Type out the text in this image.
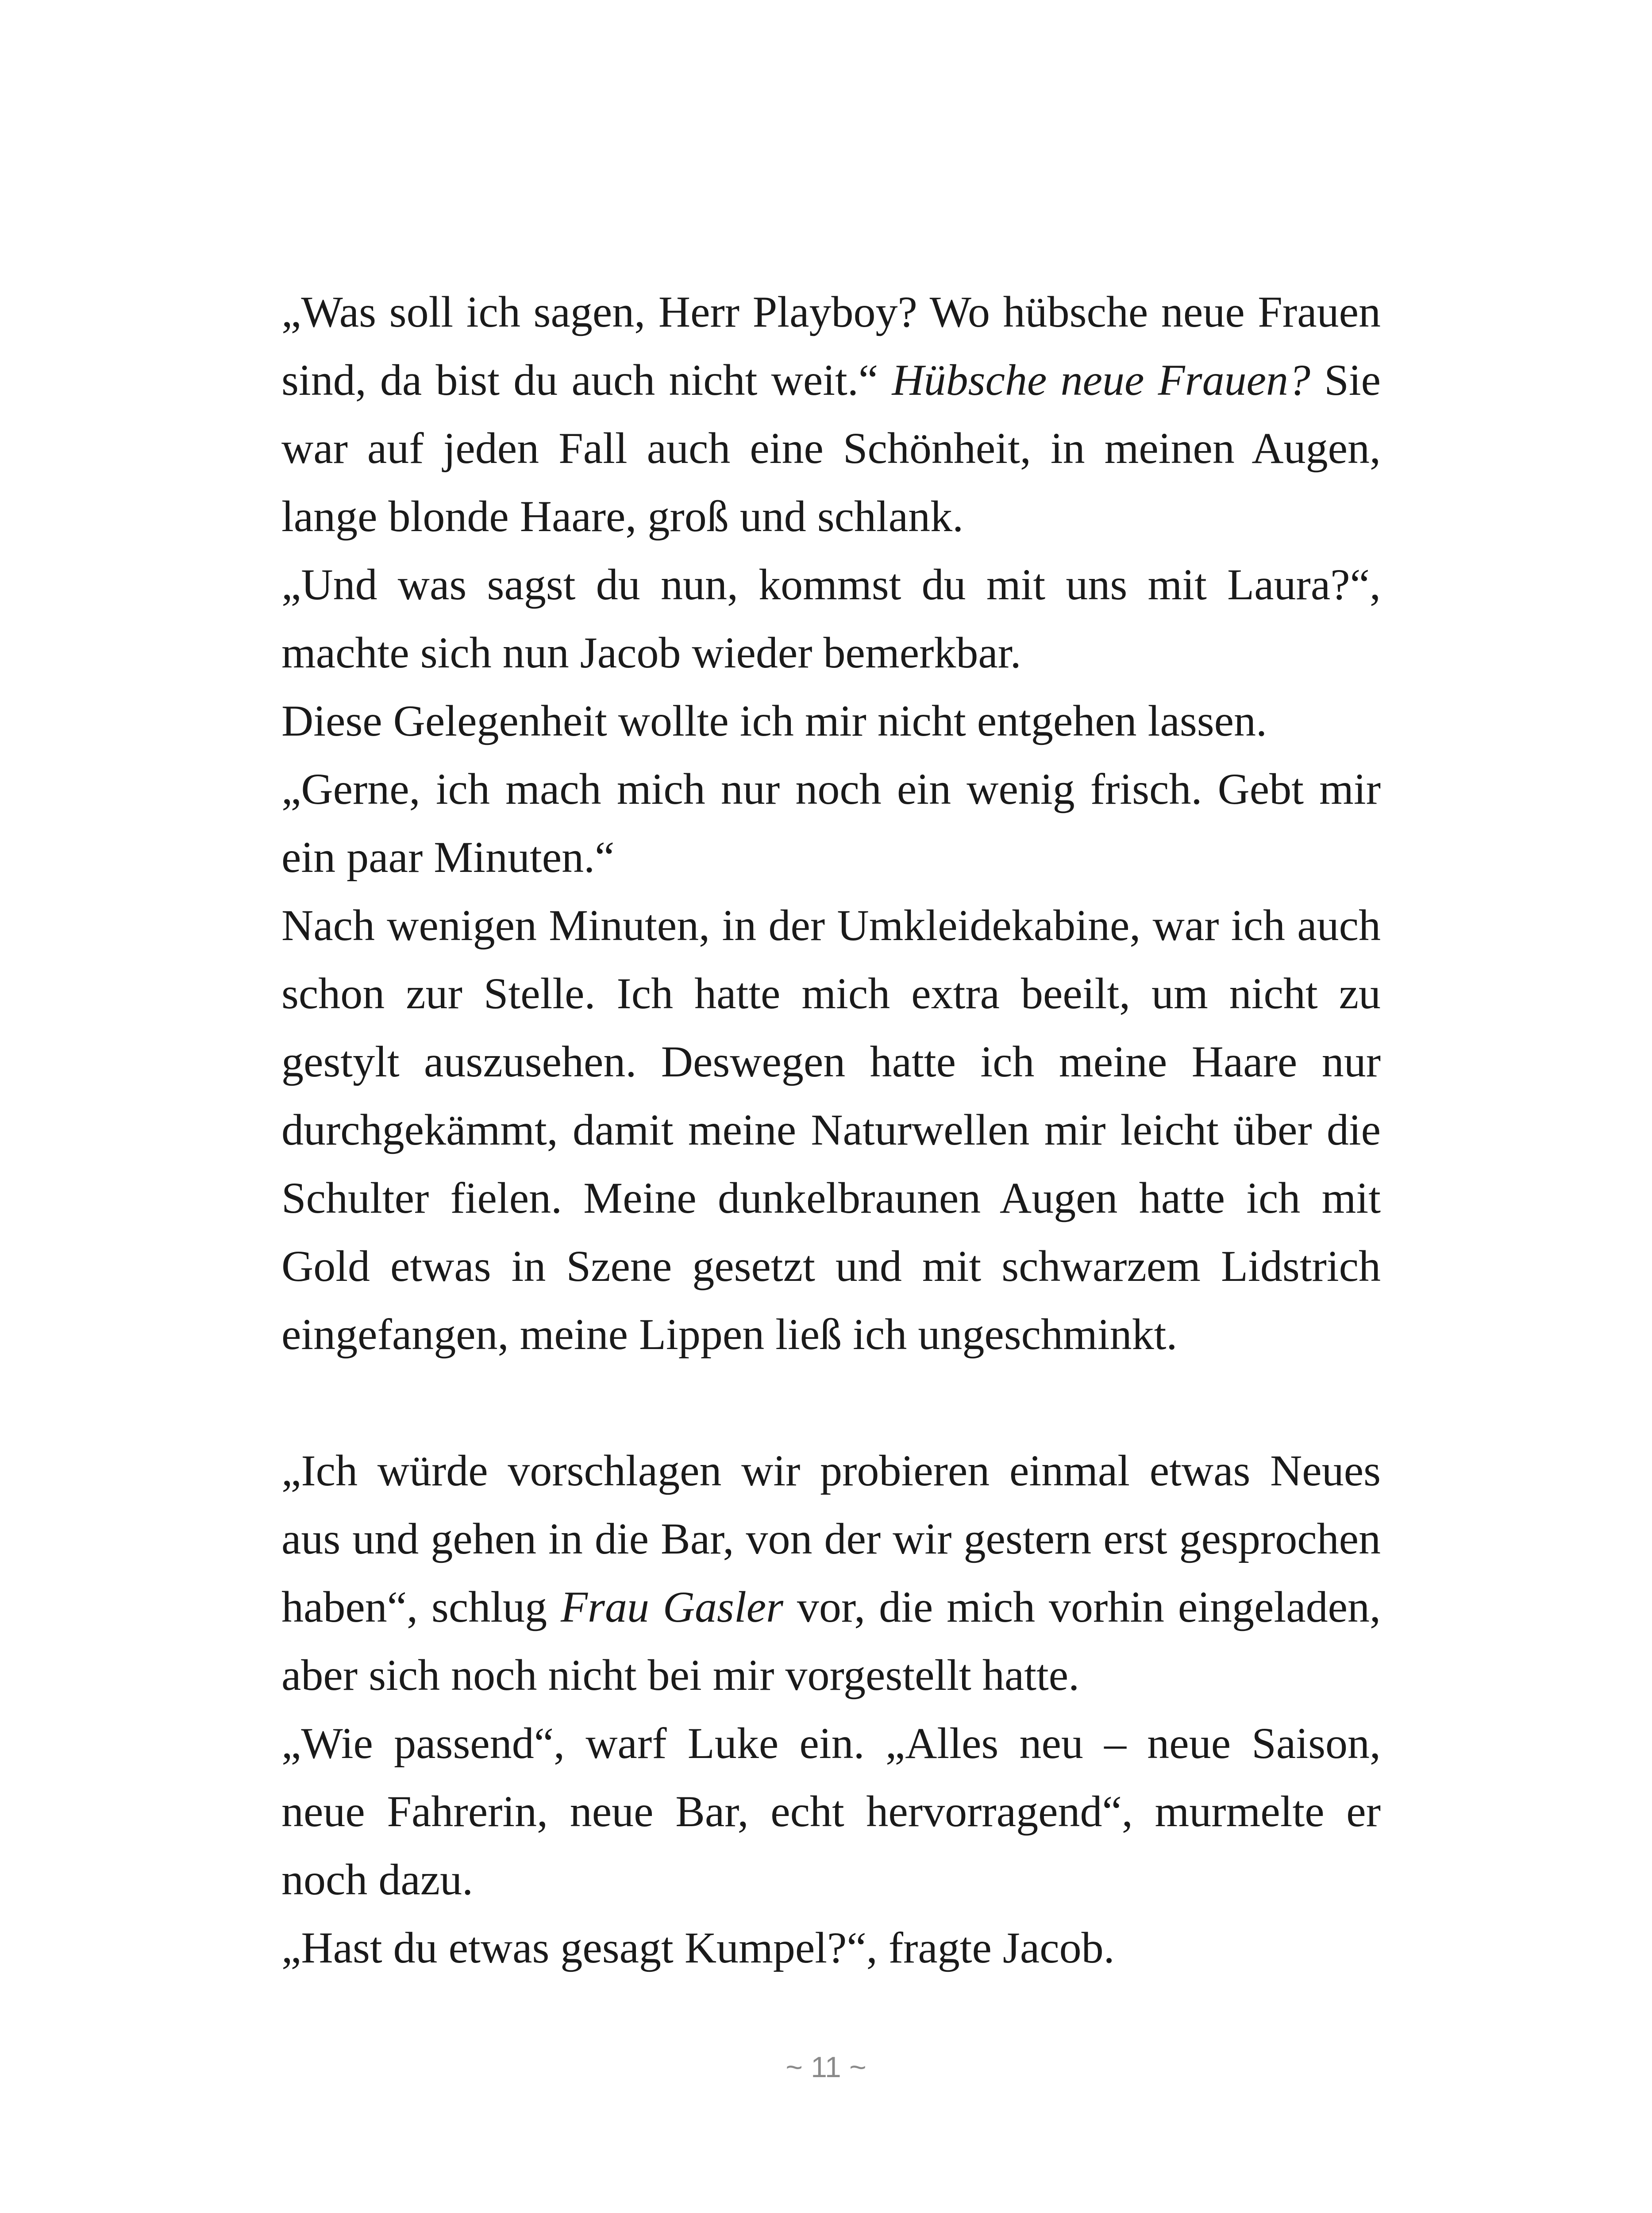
„Was soll ich sagen, Herr Playboy? Wo hübsche neue Frauen sind, da bist du auch nicht weit.“ Hübsche neue Frauen? Sie war auf jeden Fall auch eine Schönheit, in meinen Augen, lange blonde Haare, groß und schlank.

„Und was sagst du nun, kommst du mit uns mit Laura?“, machte sich nun Jacob wieder bemerkbar.

Diese Gelegenheit wollte ich mir nicht entgehen lassen.

„Gerne, ich mach mich nur noch ein wenig frisch. Gebt mir ein paar Minuten.“

Nach wenigen Minuten, in der Umkleidekabine, war ich auch schon zur Stelle. Ich hatte mich extra beeilt, um nicht zu gestylt auszusehen. Deswegen hatte ich meine Haare nur durchgekämmt, damit meine Naturwellen mir leicht über die Schulter fielen. Meine dunkelbraunen Augen hatte ich mit Gold etwas in Szene gesetzt und mit schwarzem Lidstrich eingefangen, meine Lippen ließ ich ungeschminkt.

„Ich würde vorschlagen wir probieren einmal etwas Neues aus und gehen in die Bar, von der wir gestern erst gesprochen haben“, schlug Frau Gasler vor, die mich vorhin eingeladen, aber sich noch nicht bei mir vorgestellt hatte.

„Wie passend“, warf Luke ein. „Alles neu – neue Saison, neue Fahrerin, neue Bar, echt hervorragend“, murmelte er noch dazu.

„Hast du etwas gesagt Kumpel?“, fragte Jacob.

~ 11 ~
